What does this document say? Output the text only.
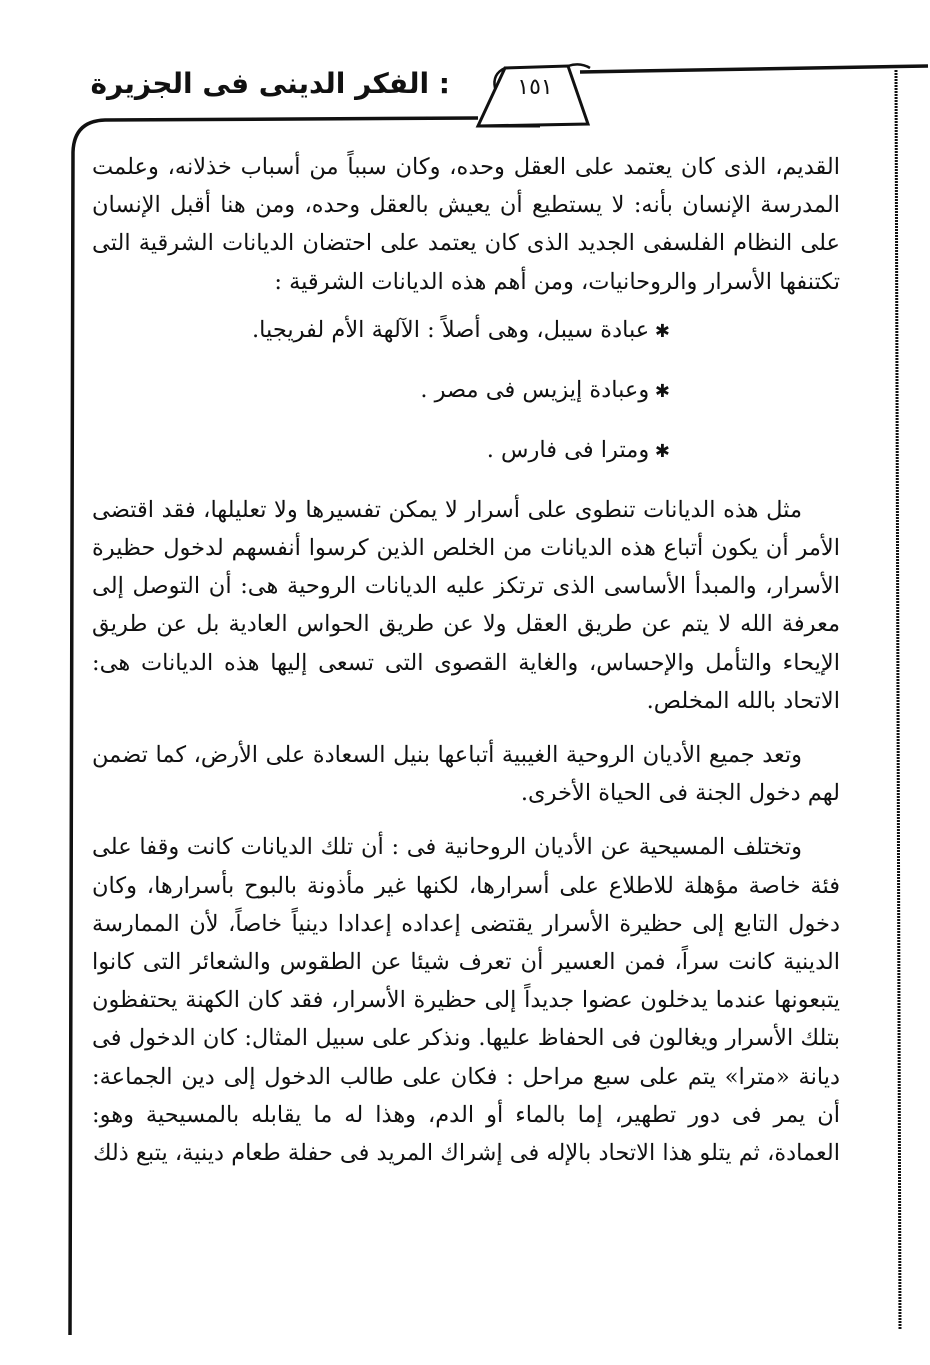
١٥١
: الفكر الدينى فى الجزيرة

القديم، الذى كان يعتمد على العقل وحده، وكان سبباً من أسباب خذلانه، وعلمت المدرسة الإنسان بأنه: لا يستطيع أن يعيش بالعقل وحده، ومن هنا أقبل الإنسان على النظام الفلسفى الجديد الذى كان يعتمد على احتضان الديانات الشرقية التى تكتنفها الأسرار والروحانيات، ومن أهم هذه الديانات الشرقية :

✱ عبادة سيبل، وهى أصلاً : الآلهة الأم لفريجيا.
✱ وعبادة إيزيس فى مصر .
✱ ومترا فى فارس .

مثل هذه الديانات تنطوى على أسرار لا يمكن تفسيرها ولا تعليلها، فقد اقتضى الأمر أن يكون أتباع هذه الديانات من الخلص الذين كرسوا أنفسهم لدخول حظيرة الأسرار، والمبدأ الأساسى الذى ترتكز عليه الديانات الروحية هى: أن التوصل إلى معرفة الله لا يتم عن طريق العقل ولا عن طريق الحواس العادية بل عن طريق الإيحاء والتأمل والإحساس، والغاية القصوى التى تسعى إليها هذه الديانات هى: الاتحاد بالله المخلص.

وتعد جميع الأديان الروحية الغيبية أتباعها بنيل السعادة على الأرض، كما تضمن لهم دخول الجنة فى الحياة الأخرى.

وتختلف المسيحية عن الأديان الروحانية فى : أن تلك الديانات كانت وقفا على فئة خاصة مؤهلة للاطلاع على أسرارها، لكنها غير مأذونة بالبوح بأسرارها، وكان دخول التابع إلى حظيرة الأسرار يقتضى إعداده إعدادا دينياً خاصاً، لأن الممارسة الدينية كانت سراً، فمن العسير أن تعرف شيئا عن الطقوس والشعائر التى كانوا يتبعونها عندما يدخلون عضوا جديداً إلى حظيرة الأسرار، فقد كان الكهنة يحتفظون بتلك الأسرار ويغالون فى الحفاظ عليها. ونذكر على سبيل المثال: كان الدخول فى ديانة «مترا» يتم على سبع مراحل : فكان على طالب الدخول إلى دين الجماعة: أن يمر فى دور تطهير، إما بالماء أو الدم، وهذا له ما يقابله بالمسيحية وهو: العمادة، ثم يتلو هذا الاتحاد بالإله فى إشراك المريد فى حفلة طعام دينية، يتبع ذلك
